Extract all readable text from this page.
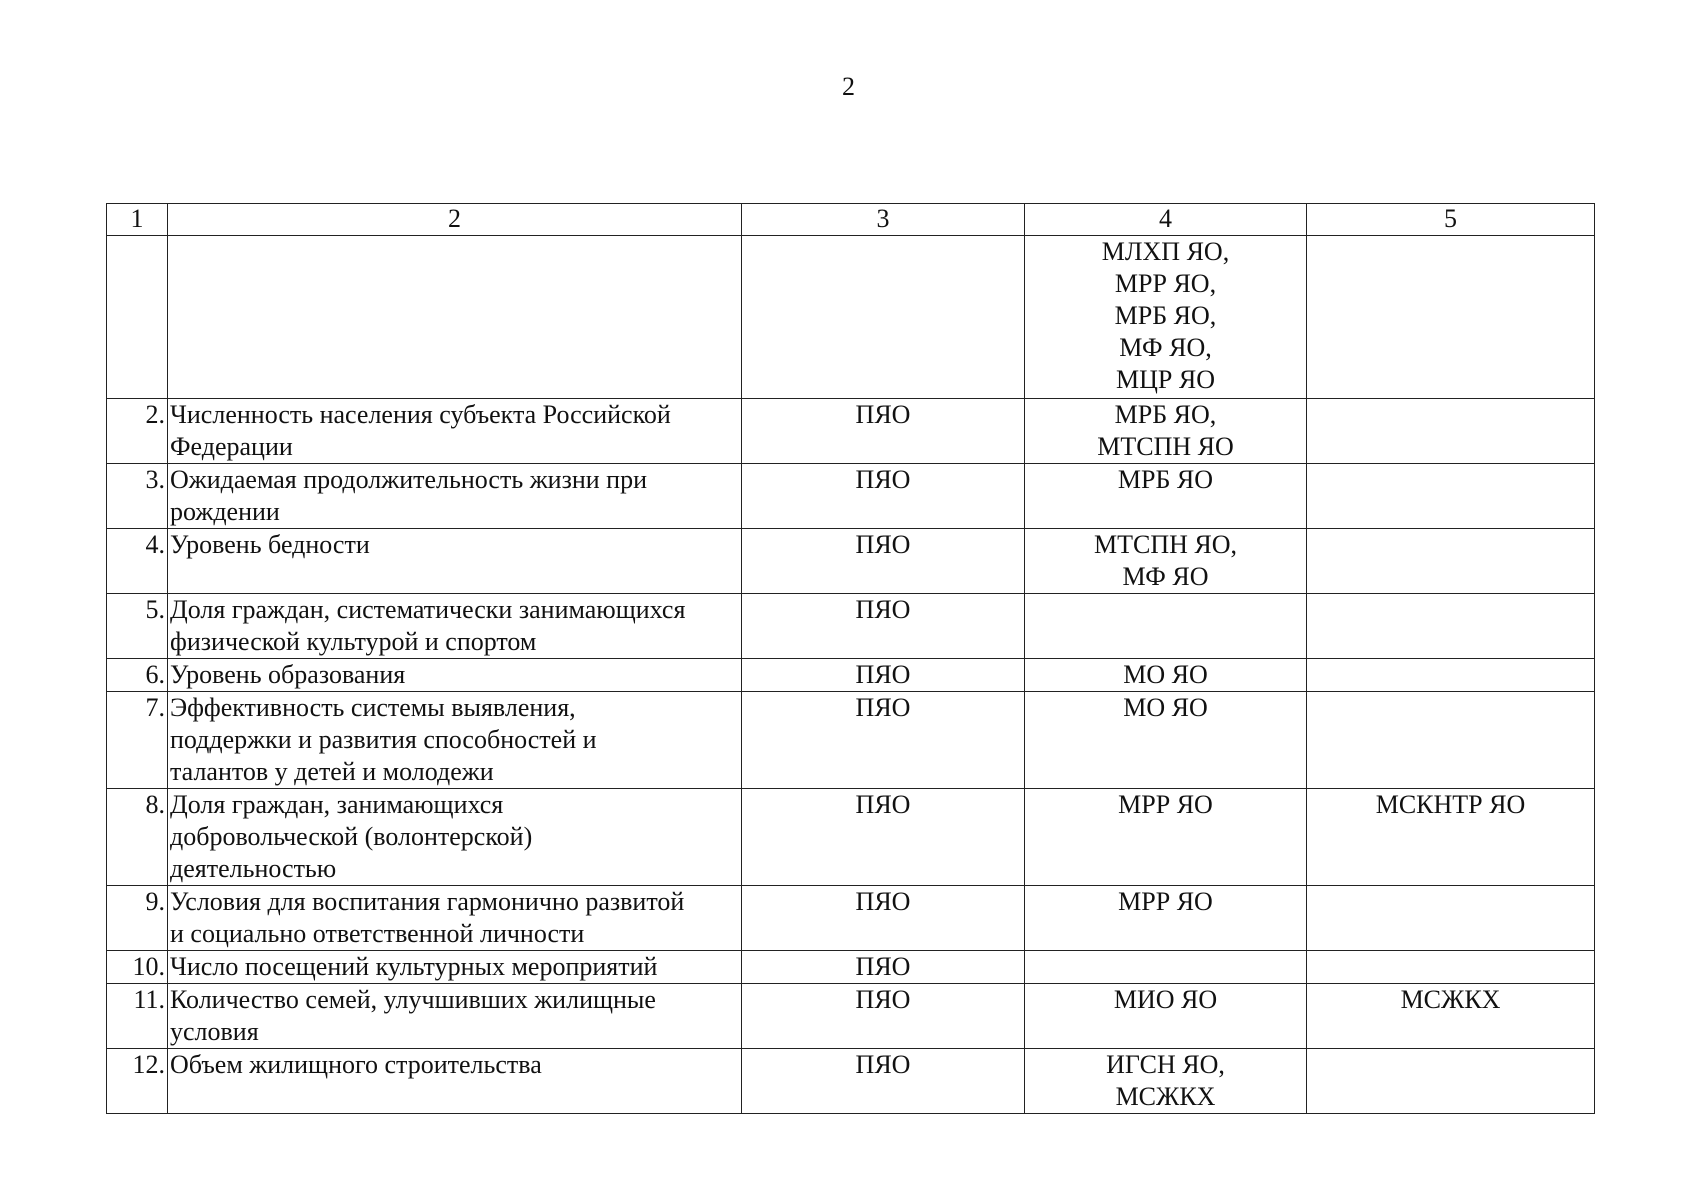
2
1	2	3	4	5

			МЛХП ЯО,
МРР ЯО,
МРБ ЯО,
МФ ЯО,
МЦР ЯО	

2.	Численность населения субъекта Российской
Федерации	ПЯО	МРБ ЯО,
МТСПН ЯО	

3.	Ожидаемая продолжительность жизни при
рождении	ПЯО	МРБ ЯО	

4.	Уровень бедности	ПЯО	МТСПН ЯО,
МФ ЯО	

5.	Доля граждан, систематически занимающихся
физической культурой и спортом	ПЯО		
6.	Уровень образования	ПЯО	МО ЯО	

7.	Эффективность системы выявления,
поддержки и развития способностей и
талантов у детей и молодежи	ПЯО	МО ЯО	

8.	Доля граждан, занимающихся
добровольческой (волонтерской)
деятельностью	ПЯО	МРР ЯО	МСКНТР ЯО
9.	Условия для воспитания гармонично развитой
и социально ответственной личности	ПЯО	МРР ЯО	

10.	Число посещений культурных мероприятий	ПЯО		
11.	Количество семей, улучшивших жилищные
условия	ПЯО	МИО ЯО	МСЖКХ
12.	Объем жилищного строительства	ПЯО	ИГСН ЯО,
МСЖКХ	
